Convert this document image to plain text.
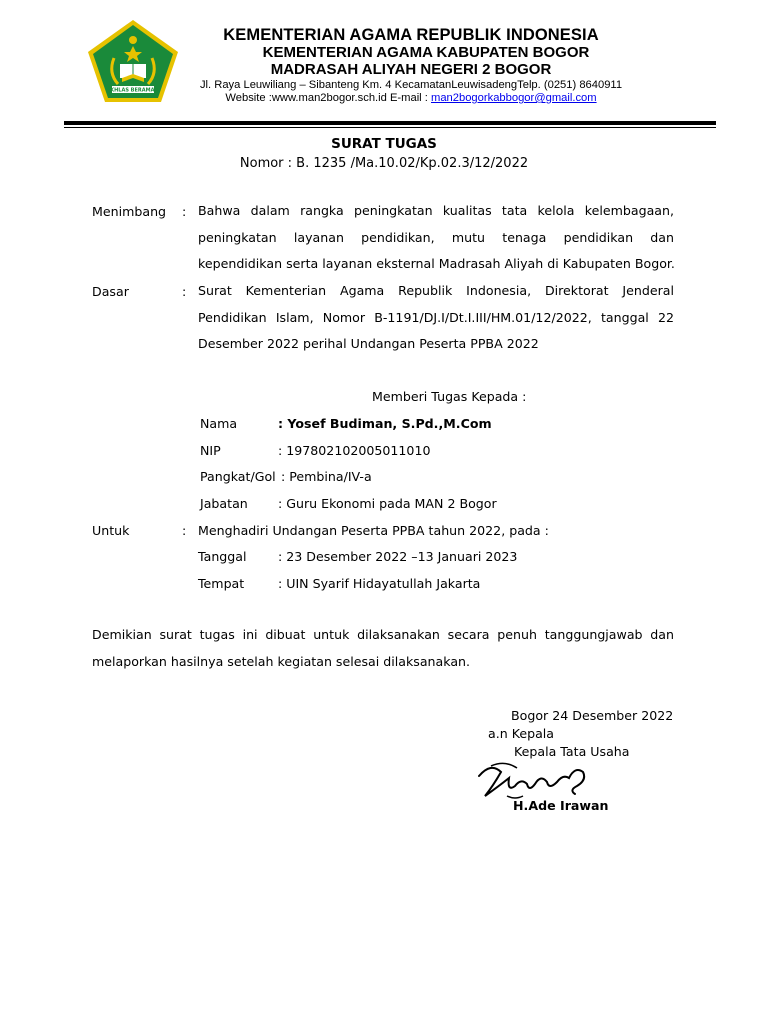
IKHLAS BERAMAL
KEMENTERIAN AGAMA REPUBLIK INDONESIA
KEMENTERIAN AGAMA KABUPATEN BOGOR
MADRASAH ALIYAH NEGERI 2 BOGOR
Jl. Raya Leuwiliang – Sibanteng Km. 4 KecamatanLeuwisadengTelp. (0251) 8640911
Website :www.man2bogor.sch.id E-mail : man2bogorkabbogor@gmail.com
SURAT TUGAS
Nomor : B. 1235 /Ma.10.02/Kp.02.3/12/2022
Menimbang : Bahwa dalam rangka peningkatan kualitas tata kelola kelembagaan,
peningkatan layanan pendidikan, mutu tenaga pendidikan dan
kependidikan serta layanan eksternal Madrasah Aliyah di Kabupaten Bogor.
Dasar	: Surat Kementerian Agama Republik Indonesia, Direktorat Jenderal
Pendidikan Islam, Nomor B-1191/DJ.I/Dt.I.III/HM.01/12/2022, tanggal 22
Desember 2022 perihal Undangan Peserta PPBA 2022
Memberi Tugas Kepada :
Nama	: Yosef Budiman, S.Pd.,M.Com
NIP	: 197802102005011010
Pangkat/Gol : Pembina/IV-a
Jabatan : Guru Ekonomi pada MAN 2 Bogor
Untuk	: Menghadiri Undangan Peserta PPBA tahun 2022, pada :
Tanggal : 23 Desember 2022 –13 Januari 2023
Tempat	: UIN Syarif Hidayatullah Jakarta
Demikian surat tugas ini dibuat untuk dilaksanakan secara penuh tanggungjawab dan
melaporkan hasilnya setelah kegiatan selesai dilaksanakan.
Bogor 24 Desember 2022
a.n Kepala
Kepala Tata Usaha
H.Ade Irawan
